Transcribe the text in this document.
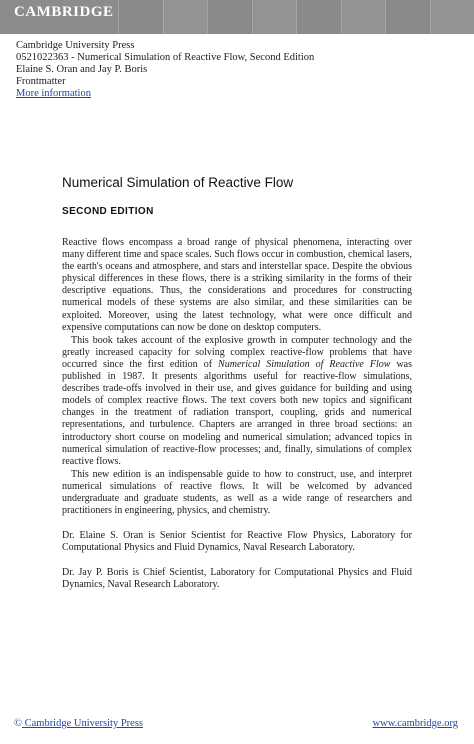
CAMBRIDGE
Cambridge University Press
0521022363 - Numerical Simulation of Reactive Flow, Second Edition
Elaine S. Oran and Jay P. Boris
Frontmatter
More information
Numerical Simulation of Reactive Flow
SECOND EDITION

Reactive flows encompass a broad range of physical phenomena, interacting over many different time and space scales. Such flows occur in combustion, chemical lasers, the earth's oceans and atmosphere, and stars and interstellar space. Despite the obvious physical differences in these flows, there is a striking similarity in the forms of their descriptive equations. Thus, the considerations and procedures for constructing numerical models of these systems are also similar, and these similarities can be exploited. Moreover, using the latest technology, what were once difficult and expensive computations can now be done on desktop computers.

This book takes account of the explosive growth in computer technology and the greatly increased capacity for solving complex reactive-flow problems that have occurred since the first edition of Numerical Simulation of Reactive Flow was published in 1987. It presents algorithms useful for reactive-flow simulations, describes trade-offs involved in their use, and gives guidance for building and using models of complex reactive flows. The text covers both new topics and significant changes in the treatment of radiation transport, coupling, grids and numerical representations, and turbulence. Chapters are arranged in three broad sections: an introductory short course on modeling and numerical simulation; advanced topics in numerical simulation of reactive-flow processes; and, finally, simulations of complex reactive flows.

This new edition is an indispensable guide to how to construct, use, and interpret numerical simulations of reactive flows. It will be welcomed by advanced undergraduate and graduate students, as well as a wide range of researchers and practitioners in engineering, physics, and chemistry.

Dr. Elaine S. Oran is Senior Scientist for Reactive Flow Physics, Laboratory for Computational Physics and Fluid Dynamics, Naval Research Laboratory.

Dr. Jay P. Boris is Chief Scientist, Laboratory for Computational Physics and Fluid Dynamics, Naval Research Laboratory.

© Cambridge University Press	www.cambridge.org
